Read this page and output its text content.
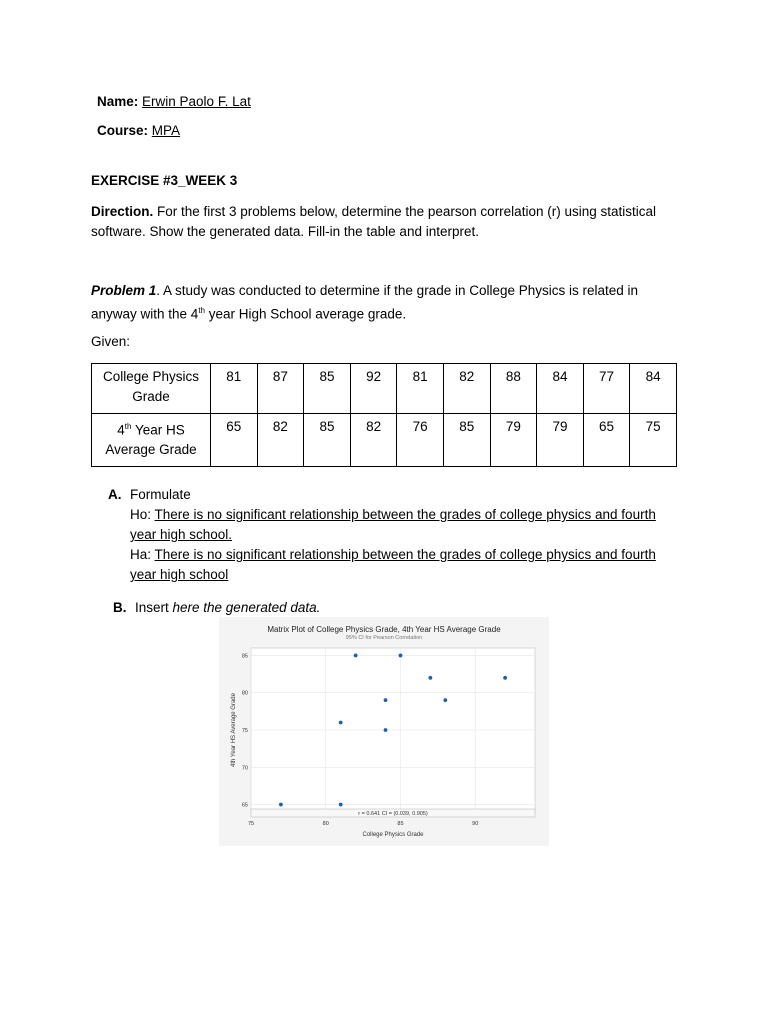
Name: Erwin Paolo F. Lat
Course: MPA
EXERCISE #3_WEEK 3
Direction. For the first 3 problems below, determine the pearson correlation (r) using statistical
software. Show the generated data. Fill-in the table and interpret.
Problem 1. A study was conducted to determine if the grade in College Physics is related in
anyway with the 4th year High School average grade.
Given:
College Physics
Grade	81	87	85	92	81	82	88	84	77	84

4th Year HS
Average Grade	65	82	85	82	76	85	79	79	65	75
A. Formulate
Ho: There is no significant relationship between the grades of college physics and fourth
year high school.
Ha: There is no significant relationship between the grades of college physics and fourth
year high school
B. Insert here the generated data.
Matrix Plot of College Physics Grade, 4th Year HS Average Grade
95% CI for Pearson Correlation
75	80	85	90
65
70
75
80
85
r = 0.641 CI = (0.039, 0.905)
College Physics Grade
4th Year HS Average Grade
